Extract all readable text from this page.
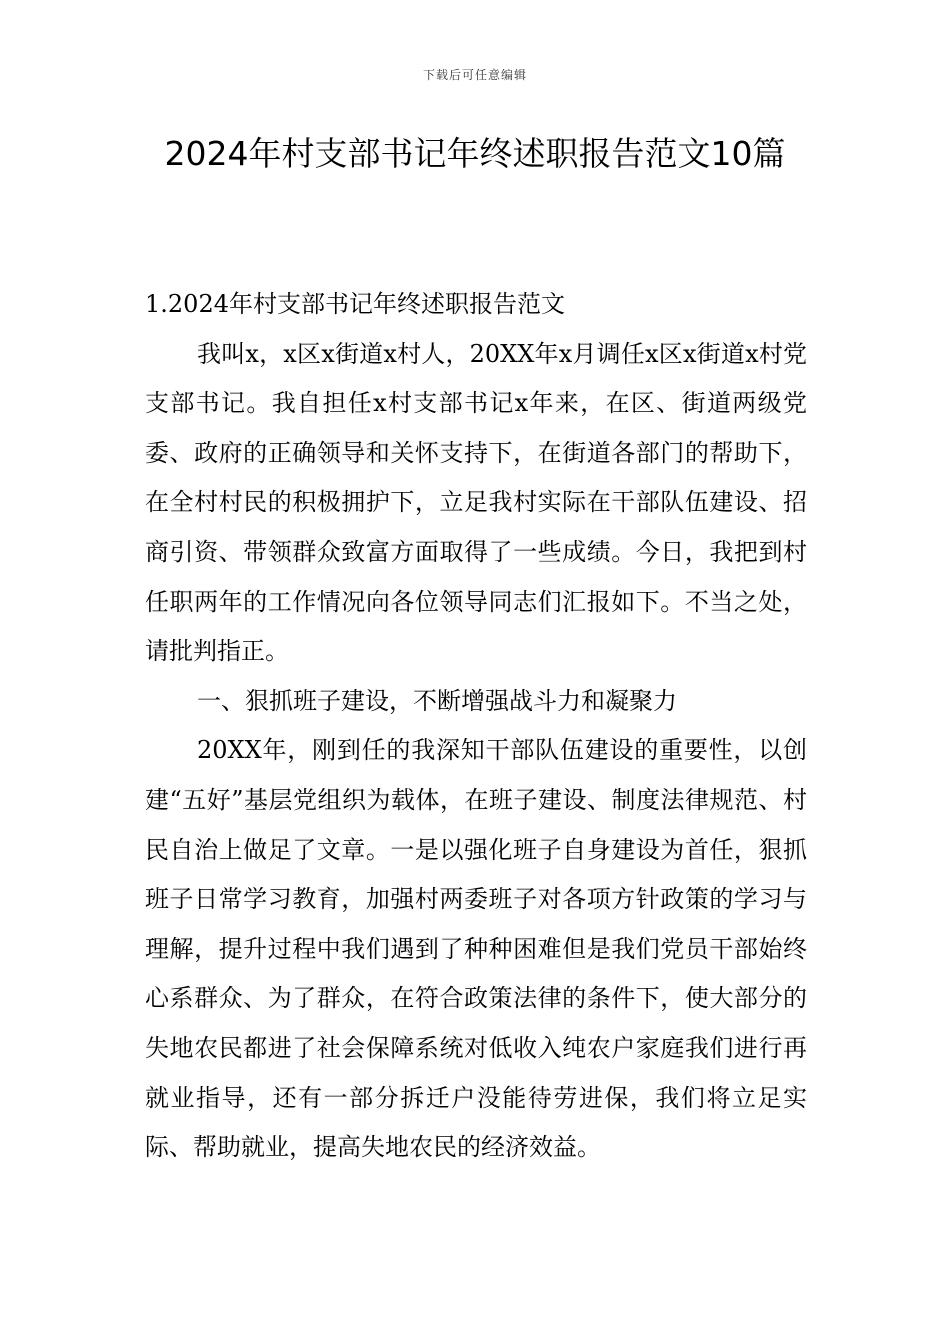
下载后可任意编辑
2024年村支部书记年终述职报告范文10篇

1.2024年村支部书记年终述职报告范文

我叫x，x区x街道x村人，20XX年x月调任x区x街道x村党支部书记。我自担任x村支部书记x年来，在区、街道两级党委、政府的正确领导和关怀支持下，在街道各部门的帮助下，在全村村民的积极拥护下，立足我村实际在干部队伍建设、招商引资、带领群众致富方面取得了一些成绩。今日，我把到村任职两年的工作情况向各位领导同志们汇报如下。不当之处，请批判指正。

一、狠抓班子建设，不断增强战斗力和凝聚力

20XX年，刚到任的我深知干部队伍建设的重要性，以创建“五好”基层党组织为载体，在班子建设、制度法律规范、村民自治上做足了文章。一是以强化班子自身建设为首任，狠抓班子日常学习教育，加强村两委班子对各项方针政策的学习与理解，提升过程中我们遇到了种种困难但是我们党员干部始终心系群众、为了群众，在符合政策法律的条件下，使大部分的失地农民都进了社会保障系统对低收入纯农户家庭我们进行再就业指导，还有一部分拆迁户没能待劳进保，我们将立足实际、帮助就业，提高失地农民的经济效益。
